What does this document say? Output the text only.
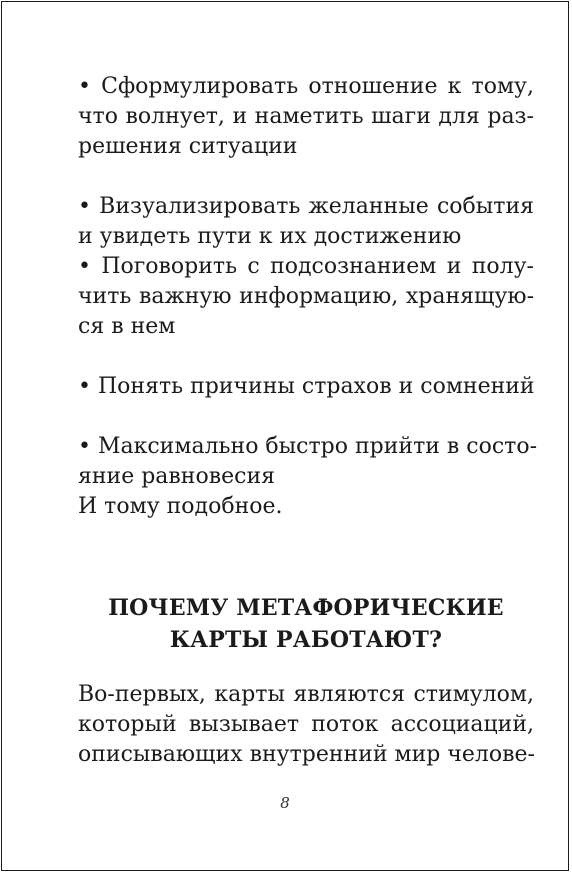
• Сформулировать отношение к тому,
что волнует, и наметить шаги для раз-
решения ситуации

• Визуализировать желанные события
и увидеть пути к их достижению

• Поговорить с подсознанием и полу-
чить важную информацию, хранящую-
ся в нем

• Понять причины страхов и сомнений

• Максимально быстро прийти в состо-
яние равновесия
И тому подобное.

ПОЧЕМУ МЕТАФОРИЧЕСКИЕ
КАРТЫ РАБОТАЮТ?

Во-первых, карты являются стимулом,
который вызывает поток ассоциаций,
описывающих внутренний мир челове-

8
